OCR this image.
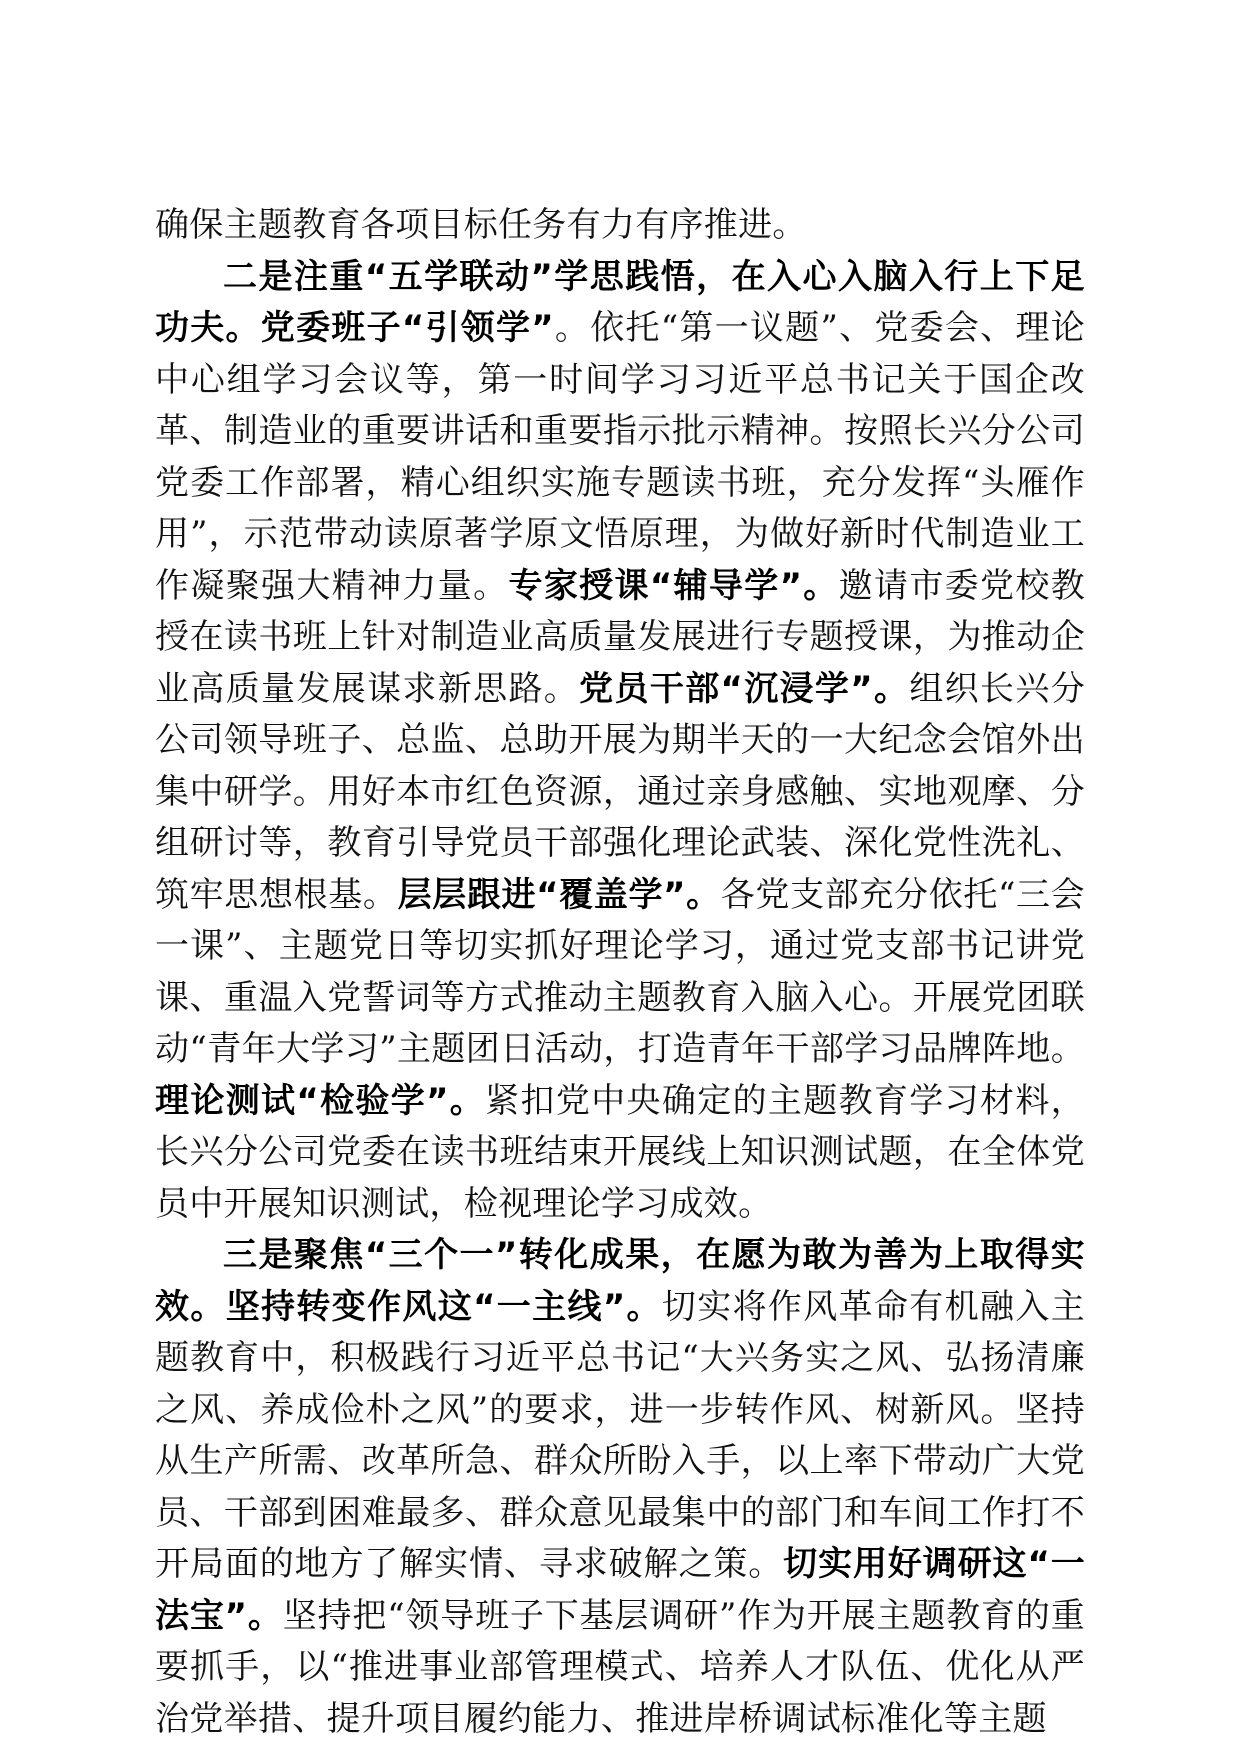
确保主题教育各项目标任务有力有序推进。

二是注重“五学联动”学思践悟，在入心入脑入行上下足功夫。党委班子“引领学”。依托“第一议题”、党委会、理论中心组学习会议等，第一时间学习习近平总书记关于国企改革、制造业的重要讲话和重要指示批示精神。按照长兴分公司党委工作部署，精心组织实施专题读书班，充分发挥“头雁作用”，示范带动读原著学原文悟原理，为做好新时代制造业工作凝聚强大精神力量。专家授课“辅导学”。邀请市委党校教授在读书班上针对制造业高质量发展进行专题授课，为推动企业高质量发展谋求新思路。党员干部“沉浸学”。组织长兴分公司领导班子、总监、总助开展为期半天的一大纪念会馆外出集中研学。用好本市红色资源，通过亲身感触、实地观摩、分组研讨等，教育引导党员干部强化理论武装、深化党性洗礼、筑牢思想根基。层层跟进“覆盖学”。各党支部充分依托“三会一课”、主题党日等切实抓好理论学习，通过党支部书记讲党课、重温入党誓词等方式推动主题教育入脑入心。开展党团联动“青年大学习”主题团日活动，打造青年干部学习品牌阵地。理论测试“检验学”。紧扣党中央确定的主题教育学习材料，长兴分公司党委在读书班结束开展线上知识测试题，在全体党员中开展知识测试，检视理论学习成效。

三是聚焦“三个一”转化成果，在愿为敢为善为上取得实效。坚持转变作风这“一主线”。切实将作风革命有机融入主题教育中，积极践行习近平总书记“大兴务实之风、弘扬清廉之风、养成俭朴之风”的要求，进一步转作风、树新风。坚持从生产所需、改革所急、群众所盼入手，以上率下带动广大党员、干部到困难最多、群众意见最集中的部门和车间工作打不开局面的地方了解实情、寻求破解之策。切实用好调研这“一法宝”。坚持把“领导班子下基层调研”作为开展主题教育的重要抓手，以“推进事业部管理模式、培养人才队伍、优化从严治党举措、提升项目履约能力、推进岸桥调试标准化等主题
